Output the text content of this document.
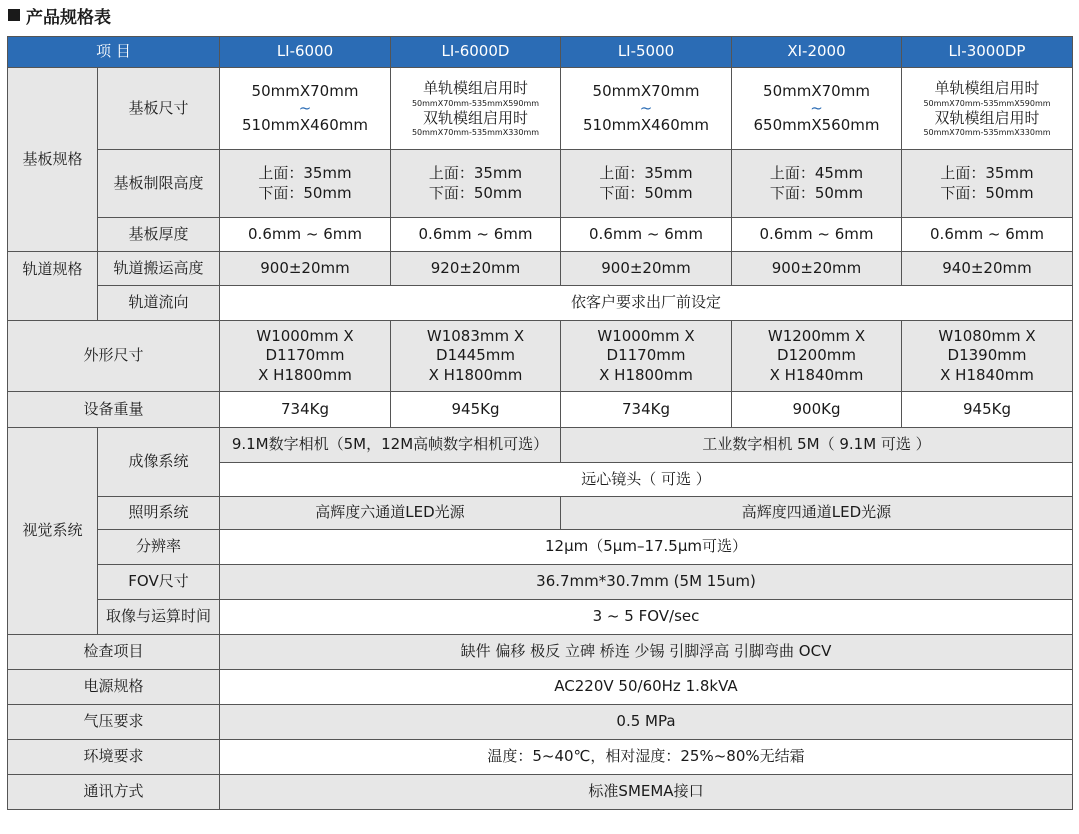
产品规格表
项 目		LI-6000	LI-6000D	LI-5000	XI-2000	LI-3000DP
基板规格	基板尺寸	50mmX70mm
~
510mmX460mm	单轨模组启用时
50mmX70mm-535mmX590mm
双轨模组启用时
50mmX70mm-535mmX330mm	50mmX70mm
~
510mmX460mm	50mmX70mm
~
650mmX560mm	单轨模组启用时
50mmX70mm-535mmX590mm
双轨模组启用时
50mmX70mm-535mmX330mm

	基板制限高度	上面：35mm
下面：50mm	上面：35mm
下面：50mm	上面：35mm
下面：50mm	上面：45mm
下面：50mm	上面：35mm
下面：50mm

	基板厚度	0.6mm ~ 6mm	0.6mm ~ 6mm	0.6mm ~ 6mm	0.6mm ~ 6mm	0.6mm ~ 6mm
轨道规格	轨道搬运高度	900±20mm	920±20mm	900±20mm	900±20mm	940±20mm
	轨道流向	依客户要求出厂前设定				
外形尺寸		W1000mm X D1170mm
X H1800mm	W1083mm X D1445mm
X H1800mm	W1000mm X D1170mm
X H1800mm	W1200mm X D1200mm
X H1840mm	W1080mm X D1390mm
X H1840mm

设备重量		734Kg	945Kg	734Kg	900Kg	945Kg
视觉系统	成像系统	9.1M数字相机（5M，12M高帧数字相机可选）		工业数字相机 5M（ 9.1M 可选 ）		
		远心镜头（ 可选 ）				
	照明系统	高辉度六通道LED光源		高辉度四通道LED光源		
	分辨率	12μm（5μm–17.5μm可选）				
	FOV尺寸	36.7mm*30.7mm (5M 15um)				
	取像与运算时间	3 ~ 5 FOV/sec				
检查项目		缺件 偏移 极反 立碑 桥连 少锡 引脚浮高 引脚弯曲 OCV				
电源规格		AC220V 50/60Hz 1.8kVA				
气压要求		0.5 MPa				
环境要求		温度：5~40℃，相对湿度：25%~80%无结霜				
通讯方式		标准SMEMA接口				
